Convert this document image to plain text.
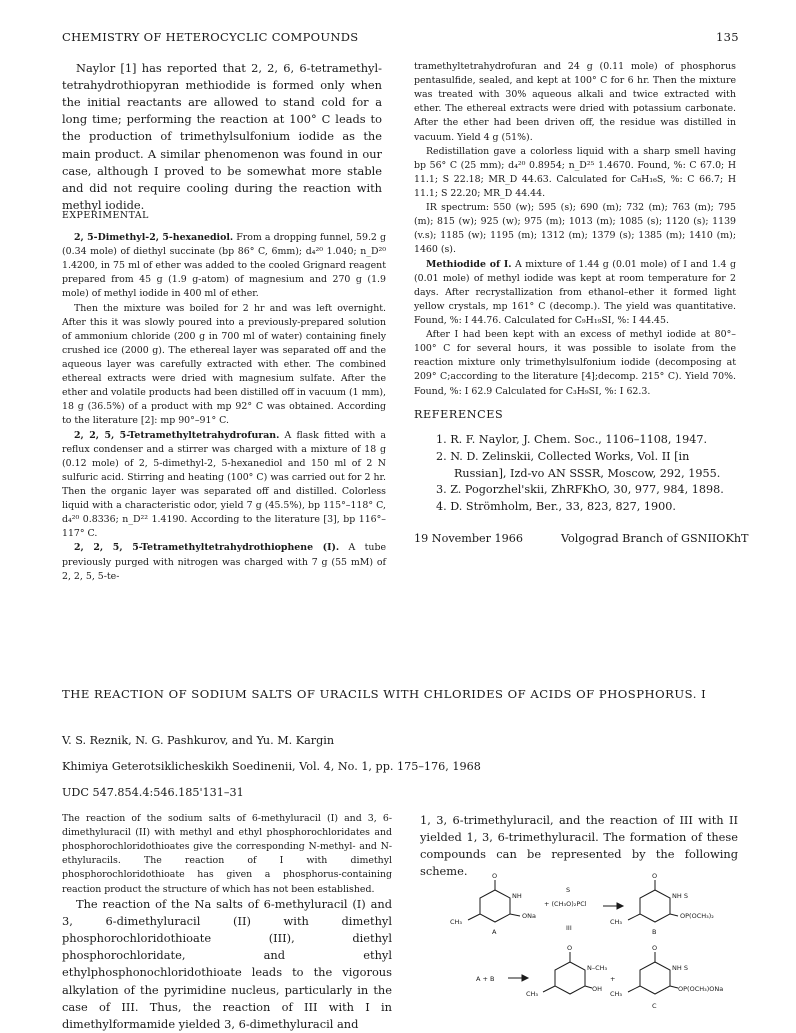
CHEMISTRY OF HETEROCYCLIC COMPOUNDS	135

Naylor [1] has reported that 2, 2, 6, 6-tetramethyl-tetrahydrothiopyran methiodide is formed only when the initial reactants are allowed to stand cold for a long time; performing the reaction at 100° C leads to the production of trimethylsulfonium iodide as the main product. A similar phenomenon was found in our case, although I proved to be somewhat more stable and did not require cooling during the reaction with methyl iodide.

EXPERIMENTAL

2, 5-Dimethyl-2, 5-hexanediol. From a dropping funnel, 59.2 g (0.34 mole) of diethyl succinate (bp 86° C, 6mm); d₄²⁰ 1.040; n_D²⁰ 1.4200, in 75 ml of ether was added to the cooled Grignard reagent prepared from 45 g (1.9 g-atom) of magnesium and 270 g (1.9 mole) of methyl iodide in 400 ml of ether.

Then the mixture was boiled for 2 hr and was left overnight. After this it was slowly poured into a previously-prepared solution of ammonium chloride (200 g in 700 ml of water) containing finely crushed ice (2000 g). The ethereal layer was separated off and the aqueous layer was carefully extracted with ether. The combined ethereal extracts were dried with magnesium sulfate. After the ether and volatile products had been distilled off in vacuum (1 mm), 18 g (36.5%) of a product with mp 92° C was obtained. According to the literature [2]: mp 90°–91° C.

2, 2, 5, 5-Tetramethyltetrahydrofuran. A flask fitted with a reflux condenser and a stirrer was charged with a mixture of 18 g (0.12 mole) of 2, 5-dimethyl-2, 5-hexanediol and 150 ml of 2 N sulfuric acid. Stirring and heating (100° C) was carried out for 2 hr. Then the organic layer was separated off and distilled. Colorless liquid with a characteristic odor, yield 7 g (45.5%), bp 115°–118° C, d₄²⁰ 0.8336; n_D²² 1.4190. According to the literature [3], bp 116°–117° C.

2, 2, 5, 5-Tetramethyltetrahydrothiophene (I). A tube previously purged with nitrogen was charged with 7 g (55 mM) of 2, 2, 5, 5-te-

tramethyltetrahydrofuran and 24 g (0.11 mole) of phosphorus pentasulfide, sealed, and kept at 100° C for 6 hr. Then the mixture was treated with 30% aqueous alkali and twice extracted with ether. The ethereal extracts were dried with potassium carbonate. After the ether had been driven off, the residue was distilled in vacuum. Yield 4 g (51%).

Redistillation gave a colorless liquid with a sharp smell having bp 56° C (25 mm); d₄²⁰ 0.8954; n_D²⁵ 1.4670. Found, %: C 67.0; H 11.1; S 22.18; MR_D 44.63. Calculated for C₈H₁₆S, %: C 66.7; H 11.1; S 22.20; MR_D 44.44.

IR spectrum: 550 (w); 595 (s); 690 (m); 732 (m); 763 (m); 795 (m); 815 (w); 925 (w); 975 (m); 1013 (m); 1085 (s); 1120 (s); 1139 (v.s); 1185 (w); 1195 (m); 1312 (m); 1379 (s); 1385 (m); 1410 (m); 1460 (s).

Methiodide of I. A mixture of 1.44 g (0.01 mole) of I and 1.4 g (0.01 mole) of methyl iodide was kept at room temperature for 2 days. After recrystallization from ethanol–ether it formed light yellow crystals, mp 161° C (decomp.). The yield was quantitative. Found, %: I 44.76. Calculated for C₉H₁₉SI, %: I 44.45.

After I had been kept with an excess of methyl iodide at 80°–100° C for several hours, it was possible to isolate from the reaction mixture only trimethylsulfonium iodide (decomposing at 209° C;according to the literature [4];decomp. 215° C). Yield 70%. Found, %: I 62.9 Calculated for C₃H₉SI, %: I 62.3.

REFERENCES
1. R. F. Naylor, J. Chem. Soc., 1106–1108, 1947.
2. N. D. Zelinskii, Collected Works, Vol. II [in Russian], Izd-vo AN SSSR, Moscow, 292, 1955.
3. Z. Pogorzhel'skii, ZhRFKhO, 30, 977, 984, 1898.
4. D. Strömholm, Ber., 33, 823, 827, 1900.
19 November 1966	Volgograd Branch of GSNIIOKhT
THE REACTION OF SODIUM SALTS OF URACILS WITH CHLORIDES OF ACIDS OF PHOSPHORUS. I
V. S. Reznik, N. G. Pashkurov, and Yu. M. Kargin
Khimiya Geterotsiklicheskikh Soedinenii, Vol. 4, No. 1, pp. 175–176, 1968
UDC 547.854.4:546.185'131–31
The reaction of the sodium salts of 6-methyluracil (I) and 3, 6-dimethyluracil (II) with methyl and ethyl phosphorochloridates and phosphorochloridothioates give the corresponding N-methyl- and N-ethyluracils. The reaction of I with dimethyl phosphorochloridothioate has given a phosphorus-containing reaction product the structure of which has not been established.

The reaction of the Na salts of 6-methyluracil (I) and 3, 6-dimethyluracil (II) with dimethyl phosphorochloridothioate (III), diethyl phosphorochloridate, and ethyl ethylphosphonochloridothioate leads to the vigorous alkylation of the pyrimidine nucleus, particularly in the case of III. Thus, the reaction of III with I in dimethylformamide yielded 3, 6-dimethyluracil and

1, 3, 6-trimethyluracil, and the reaction of III with II yielded 1, 3, 6-trimethyluracil. The formation of these compounds can be represented by the following scheme.	O
NH
CH₃
ONa
A
S
+ (CH₃O)₂PCl
III
O
NH S
CH₃
OP(OCH₃)₂
B
A + B
O
N–CH₃
CH₃
OH
+
O
NH S
CH₃
OP(OCH₃)ONa
C
